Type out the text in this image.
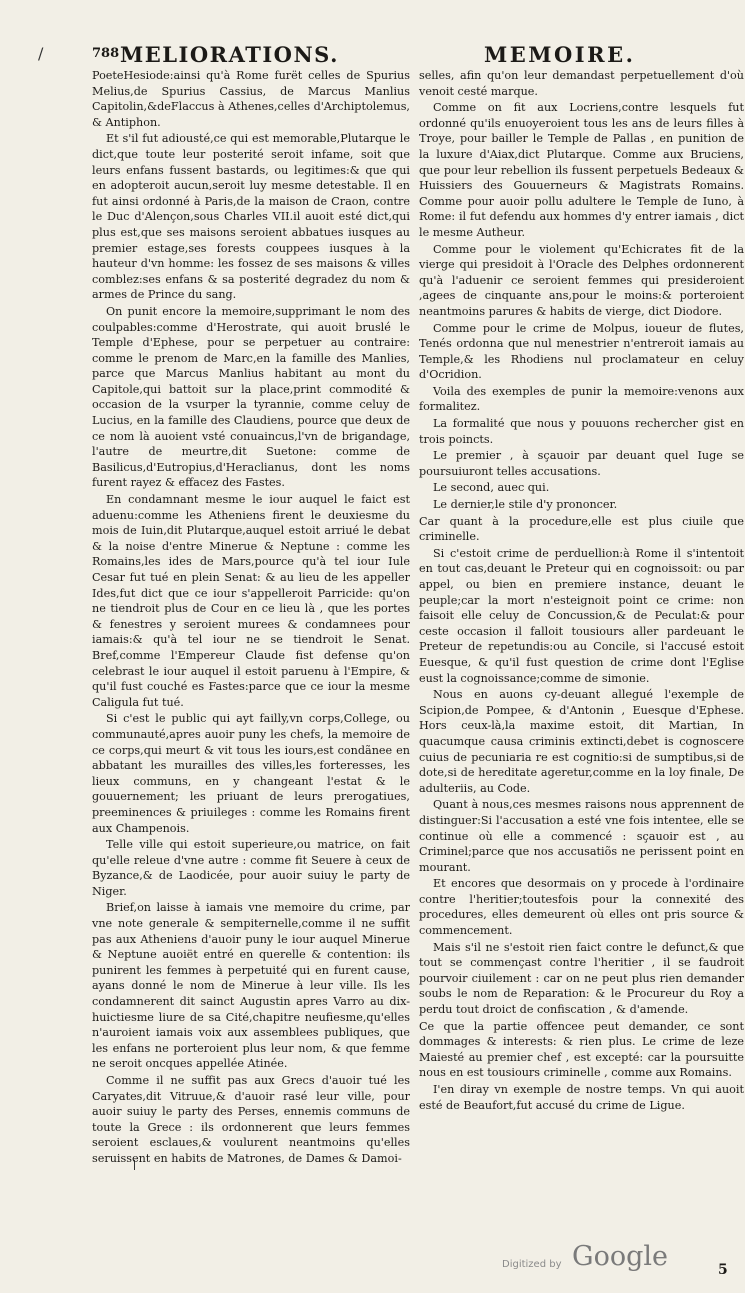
788 MELIORATIONS.	MEMOIRE.
/

PoeteHesiode:ainsi qu'à Rome furët celles de Spurius Melius,de Spurius Cassius, de Marcus Manlius Capitolin,&deFlaccus à Athenes,celles d'Archiptolemus, & Antiphon.

Et s'il fut adiousté,ce qui est memorable,Plutarque le dict,que toute leur posterité seroit infame, soit que leurs enfans fussent bastards, ou legitimes:& que qui en adopteroit aucun,seroit luy mesme detestable. Il en fut ainsi ordonné à Paris,de la maison de Craon, contre le Duc d'Alençon,sous Charles VII.il auoit esté dict,qui plus est,que ses maisons seroient abbatues iusques au premier estage,ses forests couppees iusques à la hauteur d'vn homme: les fossez de ses maisons & villes comblez:ses enfans & sa posterité degradez du nom & armes de Prince du sang.

On punit encore la memoire,supprimant le nom des coulpables:comme d'Herostrate, qui auoit bruslé le Temple d'Ephese, pour se perpetuer au contraire: comme le prenom de Marc,en la famille des Manlies, parce que Marcus Manlius habitant au mont du Capitole,qui battoit sur la place,print commodité & occasion de la vsurper la tyrannie, comme celuy de Lucius, en la famille des Claudiens, pource que deux de ce nom là auoient vsté conuaincus,l'vn de brigandage, l'autre de meurtre,dit Suetone: comme de Basilicus,d'Eutropius,d'Heraclianus, dont les noms furent rayez & effacez des Fastes.

En condamnant mesme le iour auquel le faict est aduenu:comme les Atheniens firent le deuxiesme du mois de Iuin,dit Plutarque,auquel estoit arriué le debat & la noise d'entre Minerue & Neptune : comme les Romains,les ides de Mars,pource qu'à tel iour Iule Cesar fut tué en plein Senat: & au lieu de les appeller Ides,fut dict que ce iour s'appelleroit Parricide: qu'on ne tiendroit plus de Cour en ce lieu là , que les portes & fenestres y seroient murees & condamnees pour iamais:& qu'à tel iour ne se tiendroit le Senat. Bref,comme l'Empereur Claude fist defense qu'on celebrast le iour auquel il estoit paruenu à l'Empire, & qu'il fust couché es Fastes:parce que ce iour la mesme Caligula fut tué.

Si c'est le public qui ayt failly,vn corps,College, ou communauté,apres auoir puny les chefs, la memoire de ce corps,qui meurt & vit tous les iours,est condãnee en abbatant les murailles des villes,les forteresses, les lieux communs, en y changeant l'estat & le gouuernement; les priuant de leurs prerogatiues, preeminences & priuileges : comme les Romains firent aux Champenois.

Telle ville qui estoit superieure,ou matrice, on fait qu'elle releue d'vne autre : comme fit Seuere à ceux de Byzance,& de Laodicée, pour auoir suiuy le party de Niger.

Brief,on laisse à iamais vne memoire du crime, par vne note generale & sempiternelle,comme il ne suffit pas aux Atheniens d'auoir puny le iour auquel Minerue & Neptune auoiët entré en querelle & contention: ils punirent les femmes à perpetuité qui en furent cause, ayans donné le nom de Minerue à leur ville. Ils les condamnerent dit sainct Augustin apres Varro au dix-huictiesme liure de sa Cité,chapitre neufiesme,qu'elles n'auroient iamais voix aux assemblees publiques, que les enfans ne porteroient plus leur nom, & que femme ne seroit oncques appellée Atinée.

Comme il ne suffit pas aux Grecs d'auoir tué les Caryates,dit Vitruue,& d'auoir rasé leur ville, pour auoir suiuy le party des Perses, ennemis communs de toute la Grece : ils ordonnerent que leurs femmes seroient esclaues,& voulurent neantmoins qu'elles seruissent en habits de Matrones, de Dames & Damoi-

selles, afin qu'on leur demandast perpetuellement d'où venoit cesté marque.

Comme on fit aux Locriens,contre lesquels fut ordonné qu'ils enuoyeroient tous les ans de leurs filles à Troye, pour bailler le Temple de Pallas , en punition de la luxure d'Aiax,dict Plutarque. Comme aux Bruciens, que pour leur rebellion ils fussent perpetuels Bedeaux & Huissiers des Gouuerneurs & Magistrats Romains. Comme pour auoir pollu adultere le Temple de Iuno, à Rome: il fut defendu aux hommes d'y entrer iamais , dict le mesme Autheur.

Comme pour le violement qu'Echicrates fit de la vierge qui presidoit à l'Oracle des Delphes ordonnerent qu'à l'aduenir ce seroient femmes qui presideroient ,agees de cinquante ans,pour le moins:& porteroient neantmoins parures & habits de vierge, dict Diodore.

Comme pour le crime de Molpus, ioueur de flutes, Tenés ordonna que nul menestrier n'entreroit iamais au Temple,& les Rhodiens nul proclamateur en celuy d'Ocridion.

Voila des exemples de punir la memoire:venons aux formalitez.

La formalité que nous y pouuons rechercher gist en trois poincts.

Le premier , à sçauoir par deuant quel Iuge se poursuiuront telles accusations.

Le second, auec qui.

Le dernier,le stile d'y prononcer.

Car quant à la procedure,elle est plus ciuile que criminelle.

Si c'estoit crime de perduellion:à Rome il s'intentoit en tout cas,deuant le Preteur qui en cognoissoit: ou par appel, ou bien en premiere instance, deuant le peuple;car la mort n'esteignoit point ce crime: non faisoit elle celuy de Concussion,& de Peculat:& pour ceste occasion il falloit tousiours aller pardeuant le Preteur de repetundis:ou au Concile, si l'accusé estoit Euesque, & qu'il fust question de crime dont l'Eglise eust la cognoissance;comme de simonie.

Nous en auons cy-deuant allegué l'exemple de Scipion,de Pompee, & d'Antonin , Euesque d'Ephese. Hors ceux-là,la maxime estoit, dit Martian, In quacumque causa criminis extincti,debet is cognoscere cuius de pecuniaria re est cognitio:si de sumptibus,si de dote,si de hereditate ageretur,comme en la loy finale, De adulteriis, au Code.

Quant à nous,ces mesmes raisons nous apprennent de distinguer:Si l'accusation a esté vne fois intentee, elle se continue où elle a commencé : sçauoir est , au Criminel;parce que nos accusatiõs ne perissent point en mourant.

Et encores que desormais on y procede à l'ordinaire contre l'heritier;toutesfois pour la connexité des procedures, elles demeurent où elles ont pris source & commencement.

Mais s'il ne s'estoit rien faict contre le defunct,& que tout se commençast contre l'heritier , il se faudroit pourvoir ciuilement : car on ne peut plus rien demander soubs le nom de Reparation: & le Procureur du Roy a perdu tout droict de confiscation , & d'amende.

Ce que la partie offencee peut demander, ce sont dommages & interests: & rien plus. Le crime de leze Maiesté au premier chef , est excepté: car la poursuitte nous en est tousiours criminelle , comme aux Romains.

I'en diray vn exemple de nostre temps. Vn qui auoit esté de Beaufort,fut accusé du crime de Ligue.

Digitized by Google	5
